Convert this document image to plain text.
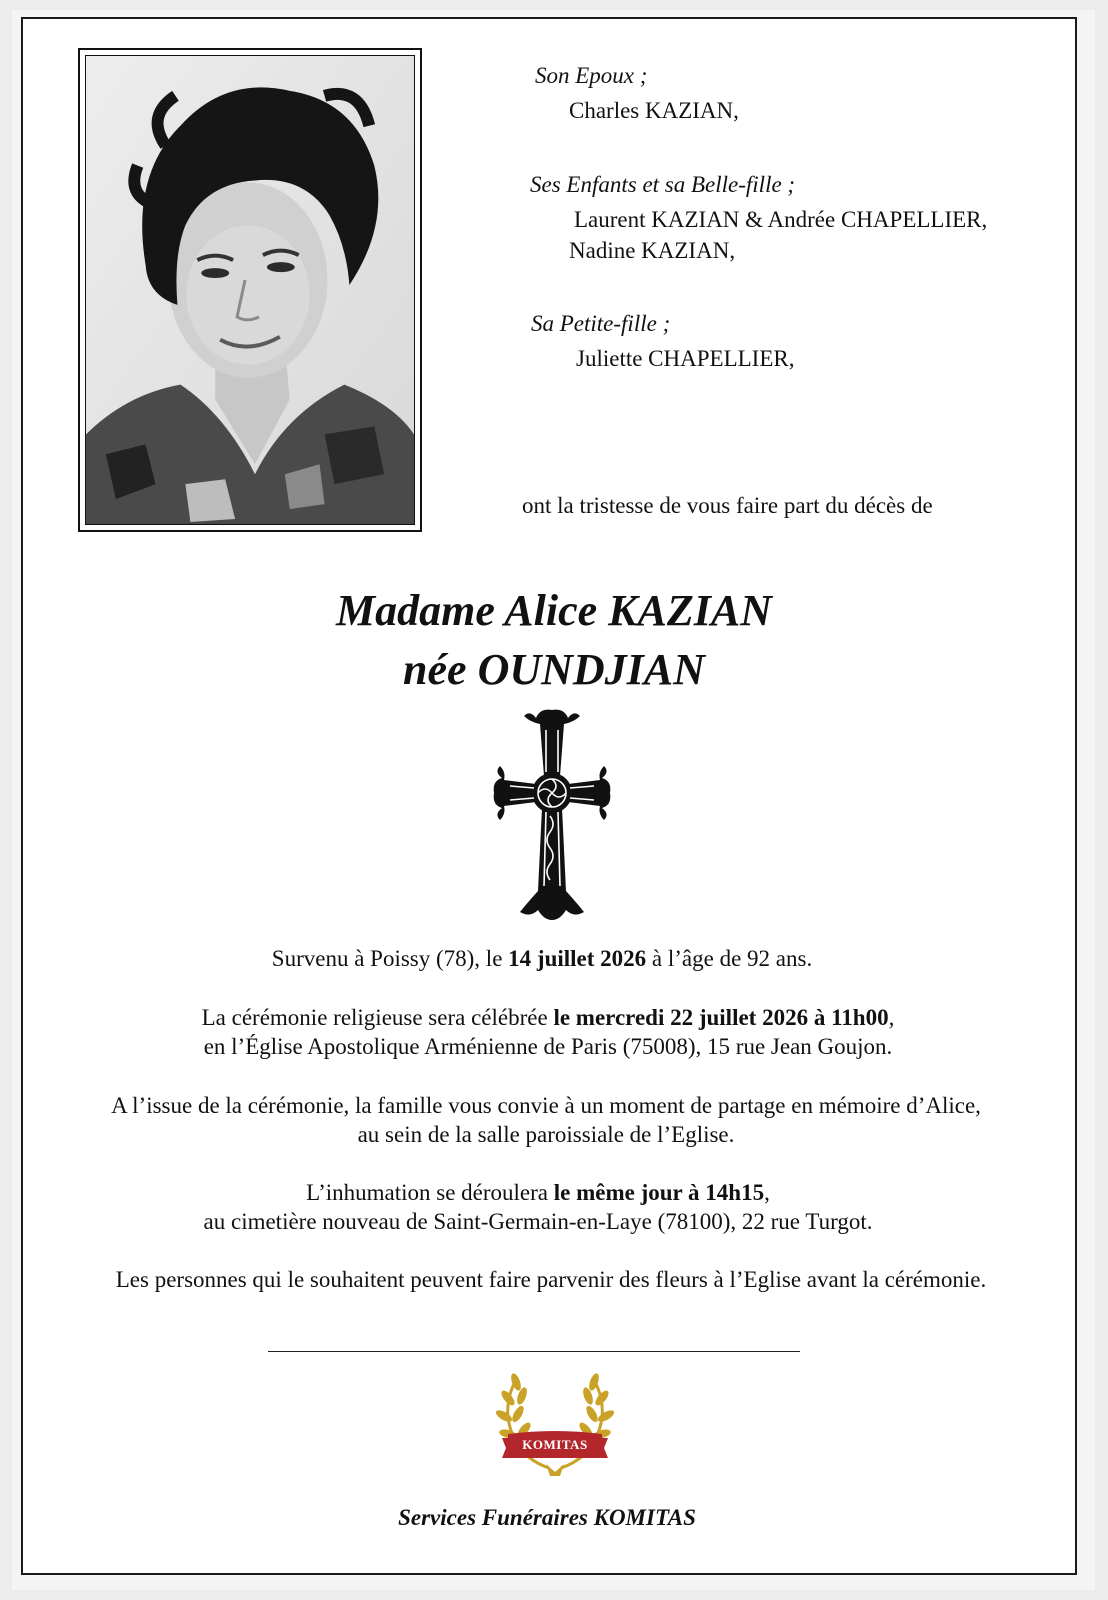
Son Epoux ;
Charles KAZIAN,
Ses Enfants et sa Belle-fille ;
Laurent KAZIAN & Andrée CHAPELLIER,
Nadine KAZIAN,
Sa Petite-fille ;
Juliette CHAPELLIER,
ont la tristesse de vous faire part du décès de
Madame Alice KAZIAN
née OUNDJIAN
Survenu à Poissy (78), le 14 juillet 2026 à l’âge de 92 ans.
La cérémonie religieuse sera célébrée le mercredi 22 juillet 2026 à 11h00,
en l’Église Apostolique Arménienne de Paris (75008), 15 rue Jean Goujon.
A l’issue de la cérémonie, la famille vous convie à un moment de partage en mémoire d’Alice,
au sein de la salle paroissiale de l’Eglise.
L’inhumation se déroulera le même jour à 14h15,
au cimetière nouveau de Saint-Germain-en-Laye (78100), 22 rue Turgot.
Les personnes qui le souhaitent peuvent faire parvenir des fleurs à l’Eglise avant la cérémonie.
KOMITAS
Services Funéraires KOMITAS
